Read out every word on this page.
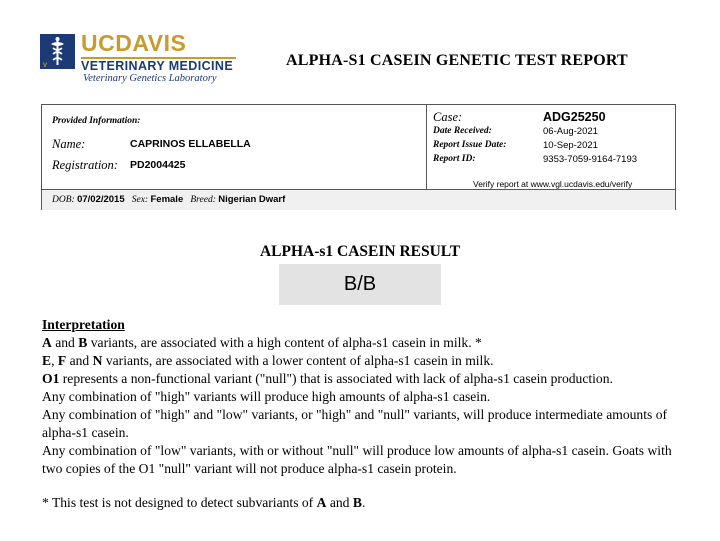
V
UCDAVIS
VETERINARY MEDICINE
Veterinary Genetics Laboratory
ALPHA-S1 CASEIN GENETIC TEST REPORT
Provided Information:
Name:	CAPRINOS ELLABELLA
Registration: PD2004425
Case:	ADG25250
Date Received:	06-Aug-2021
Report Issue Date:	10-Sep-2021
Report ID:	9353-7059-9164-7193
Verify report at www.vgl.ucdavis.edu/verify
DOB: 07/02/2015 Sex: Female Breed: Nigerian Dwarf
ALPHA-s1 CASEIN RESULT
B/B

Interpretation

A and B variants, are associated with a high content of alpha-s1 casein in milk. *

E, F and N variants, are associated with a lower content of alpha-s1 casein in milk.

O1 represents a non-functional variant ("null") that is associated with lack of alpha-s1 casein production.

Any combination of "high" variants will produce high amounts of alpha-s1 casein.

Any combination of "high" and "low" variants, or "high" and "null" variants, will produce intermediate amounts of alpha-s1 casein.

Any combination of "low" variants, with or without "null" will produce low amounts of alpha-s1 casein. Goats with two copies of the O1 "null" variant will not produce alpha-s1 casein protein.

* This test is not designed to detect subvariants of A and B.
